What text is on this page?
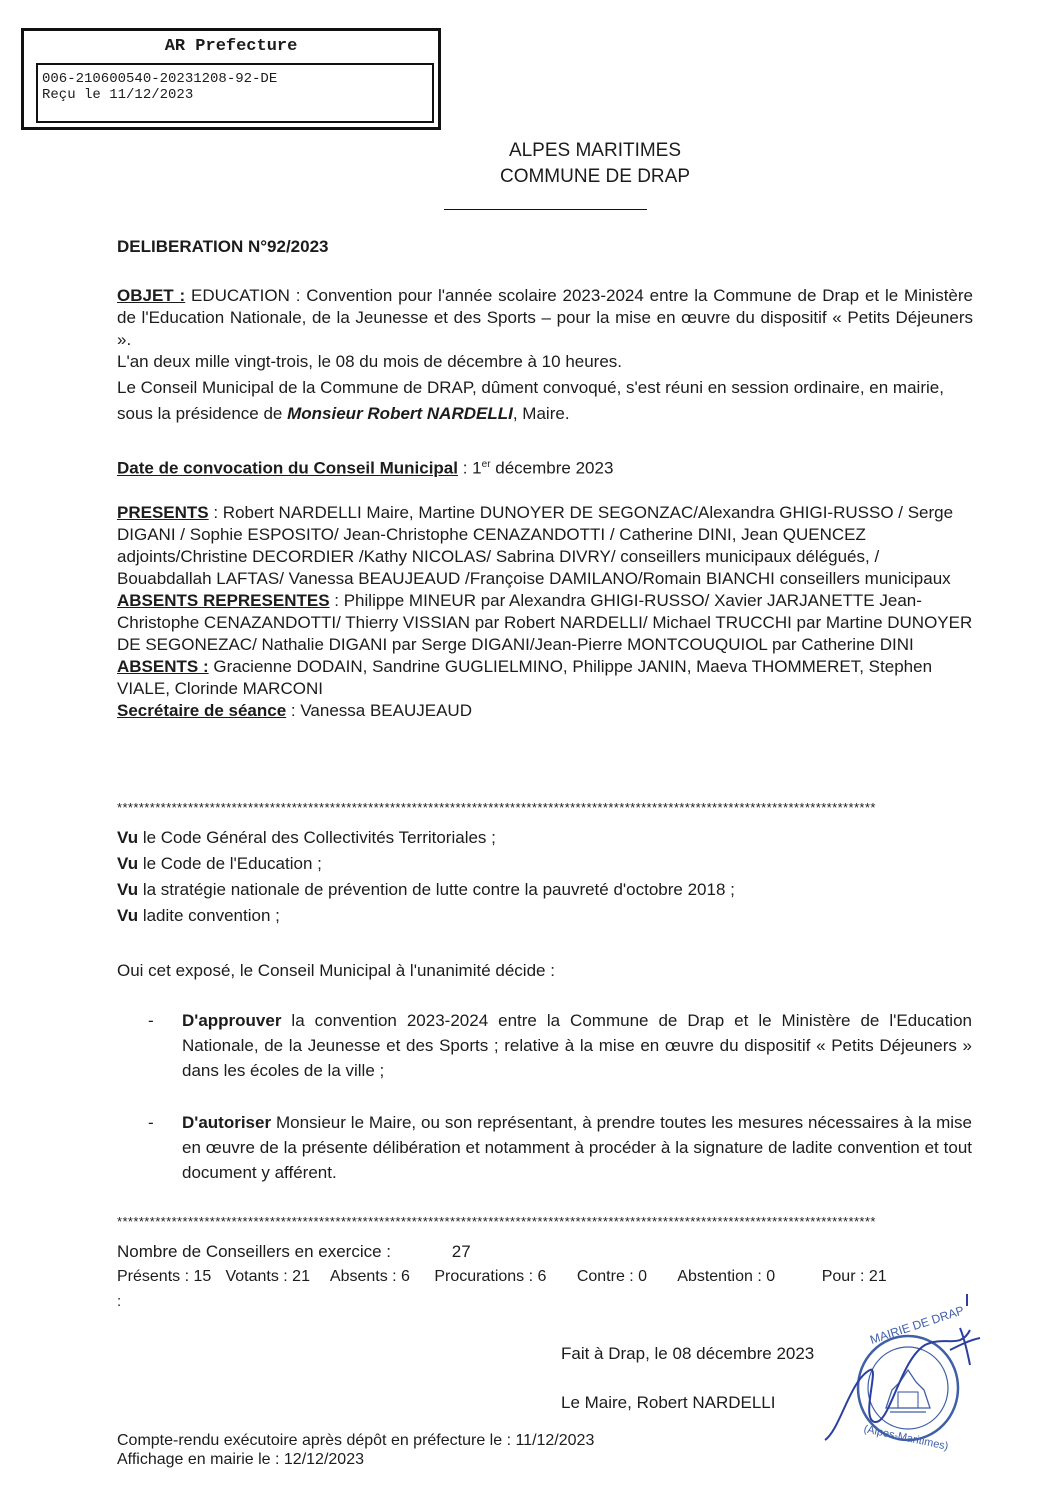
AR Prefecture
006-210600540-20231208-92-DE
Reçu le 11/12/2023
ALPES MARITIMES
COMMUNE DE DRAP
DELIBERATION N°92/2023
OBJET : EDUCATION : Convention pour l'année scolaire 2023-2024 entre la Commune de Drap et le Ministère de l'Education Nationale, de la Jeunesse et des Sports – pour la mise en œuvre du dispositif « Petits Déjeuners ».
L'an deux mille vingt-trois, le 08 du mois de décembre à 10 heures.
Le Conseil Municipal de la Commune de DRAP, dûment convoqué, s'est réuni en session ordinaire, en mairie, sous la présidence de Monsieur Robert NARDELLI, Maire.
Date de convocation du Conseil Municipal : 1er décembre 2023
PRESENTS : Robert NARDELLI Maire, Martine DUNOYER DE SEGONZAC/Alexandra GHIGI-RUSSO / Serge DIGANI / Sophie ESPOSITO/ Jean-Christophe CENAZANDOTTI / Catherine DINI, Jean QUENCEZ adjoints/Christine DECORDIER /Kathy NICOLAS/ Sabrina DIVRY/ conseillers municipaux délégués, / Bouabdallah LAFTAS/ Vanessa BEAUJEAUD /Françoise DAMILANO/Romain BIANCHI conseillers municipaux
ABSENTS REPRESENTES : Philippe MINEUR par Alexandra GHIGI-RUSSO/ Xavier JARJANETTE Jean-Christophe CENAZANDOTTI/ Thierry VISSIAN par Robert NARDELLI/ Michael TRUCCHI par Martine DUNOYER DE SEGONEZAC/ Nathalie DIGANI par Serge DIGANI/Jean-Pierre MONTCOUQUIOL par Catherine DINI
ABSENTS : Gracienne DODAIN, Sandrine GUGLIELMINO, Philippe JANIN, Maeva THOMMERET, Stephen VIALE, Clorinde MARCONI
Secrétaire de séance : Vanessa BEAUJEAUD
*******************************************************************************************************************************************
Vu le Code Général des Collectivités Territoriales ;
Vu le Code de l'Education ;
Vu la stratégie nationale de prévention de lutte contre la pauvreté d'octobre 2018 ;
Vu ladite convention ;
Oui cet exposé, le Conseil Municipal à l'unanimité décide :
- D'approuver la convention 2023-2024 entre la Commune de Drap et le Ministère de l'Education Nationale, de la Jeunesse et des Sports ; relative à la mise en œuvre du dispositif « Petits Déjeuners » dans les écoles de la ville ;
- D'autoriser Monsieur le Maire, ou son représentant, à prendre toutes les mesures nécessaires à la mise en œuvre de la présente délibération et notamment à procéder à la signature de ladite convention et tout document y afférent.
*******************************************************************************************************************************************
Nombre de Conseillers en exercice :	27
Présents : 15 Votants : 21 Absents : 6 Procurations : 6 Contre : 0 Abstention : 0	Pour : 21
:
Fait à Drap, le 08 décembre 2023
Le Maire, Robert NARDELLI
MAIRIE DE DRAP
(Alpes-Maritimes)
Compte-rendu exécutoire après dépôt en préfecture le : 11/12/2023
Affichage en mairie le : 12/12/2023
